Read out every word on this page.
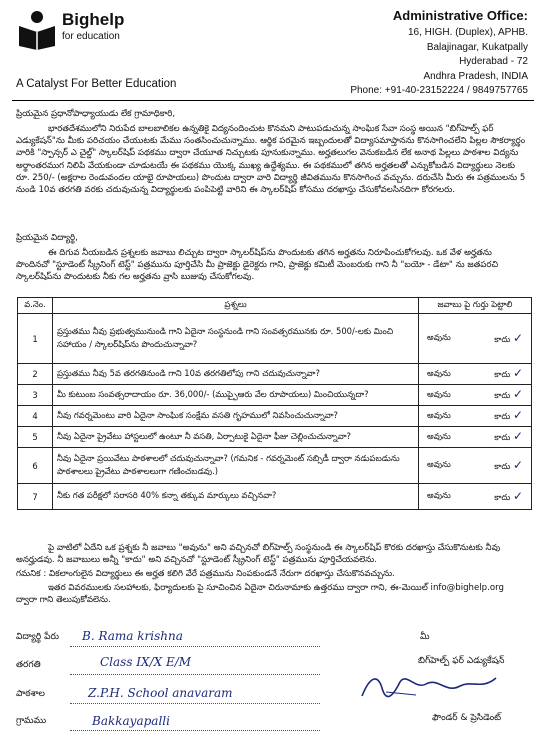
Bighelp
for education
A Catalyst For Better Education
Administrative Office:
16, HIGH. (Duplex), APHB.
Balajinagar, Kukatpally
Hyderabad - 72
Andhra Pradesh, INDIA
Phone: +91-40-23152224 / 9849757765
ప్రియమైన ప్రధానోపాధ్యాయుడు లేక గ్రామాధికారి,
భారతదేశములోని నిరుపేద బాలబాలికల ఉన్నతికై విద్యనందించుట కొనమని పాటుపడుచున్న సాంఘిక సేవా సంస్థ అయిన "బిగ్‌హెల్ప్ ఫర్ ఎడ్యుకేషన్"ను మీకు పరిచయం చేయుటకు మేము సంతసించుచున్నాము. ఆర్థిక పరమైన ఇబ్బందులతో విద్యాసమాప్తానను కొనసాగించలేని పిల్లల సౌకర్యార్థం వారికి "స్పాన్సర్ ఎ చైల్డ్" స్కాలర్‌షిప్ పథకము ద్వారా చేయూత నిచ్చుటకు పూనుకున్నాము. అర్హతలుగల వెనుకబడిన లేక అనాథ పిల్లలు పాఠశాల విద్యను అర్థాంతరముగ నిలిపి వేయకుండా చూడుటయే ఈ పథకము యొక్క ముఖ్య ఉద్దేశ్యము. ఈ పథకములో తగిన అర్హతలతో ఎన్నుకోబడిన విద్యార్థులు నెలకు రూ. 250/- (అక్షరాల రెండువందల యాభై రూపాయలు) పొందుట ద్వారా వారి విద్యార్థి జీవితమును కొనసాగించ వచ్చును. దరుచేసి మీరు ఈ పత్రములను 5 నుండి 10వ తరగతి వరకు చదువుచున్న విద్యార్థులకు పంపిపెట్టి వారిని ఈ స్కాలర్‌షిప్ కోసము దరఖాస్తు చేసుకోవలసినదిగా కోరగలరు.
ప్రియమైన విద్యార్థి,
ఈ దిగువ నీయబడిన ప్రశ్నలకు జవాబు లిచ్చుట ద్వారా స్కాలర్‌షిప్‌ను పొందుటకు తగిన అర్హతను నిరూపించుకోగలవు. ఒక వేళ అర్హతను పొందినచో "స్టూడెంట్ స్క్రీనింగ్ టెస్ట్" పత్రమును పూర్తిచేసి మీ ప్రాజెక్టు డైరెక్టరు గాని, ప్రాజెక్టు కమిటీ మెంబరుకు గాని నీ "బయో - డేటా" ను జతపరచి స్కాలర్‌షిప్‌ను పొందుటకు నీకు గల అర్హతను వ్రాసి బుజువు చేసుకోగలవు.
వ.నెం.	ప్రశ్నలు	జవాబు పై గుర్తు పెట్టాలి
1	ప్రస్తుతము నీవు ప్రభుత్వమునుండి గాని ఏదైనా సంస్థనుండి గాని సంవత్సరమునకు రూ. 500/-లకు మించి సహాయం / స్కాలర్‌షిప్‌ను పొందుచున్నావా?	అవును కాదు ✓

2	ప్రస్తుతము నీవు 5వ తరగతినుండి గాని 10వ తరగతిలోపు గాని చదువుచున్నావా?	అవును కాదు ✓

3	మీ కుటుంబ సంవత్సరాదాయం రూ. 36,000/- (ముప్పైఆరు వేల రూపాయలు) మించియున్నదా?	అవును కాదు ✓

4	నీవు గవర్నమెంటు వారి ఏదైనా సాంఘిక సంక్షేమ వసతి గృహములో నివసించుచున్నావా?	అవును కాదు ✓

5	నీవు ఏదైనా ప్రైవేటు హాస్టలులో ఉంటూ నీ వసతి, ఏర్పాటుకై ఏదైనా ఫీజు చెల్లించుచున్నావా?	అవును కాదు ✓

6	నీవు ఏదైనా ప్రయివేటు పాఠశాలలో చదువుచున్నావా? (గమనిక - గవర్నమెంట్ సబ్సిడీ ద్వారా నడుపబడును పాఠశాలలు ప్రైవేటు పాఠశాలలుగా గణించబడవు.)	అవును కాదు ✓

7	నీకు గత పరీక్షలో సరాసరి 40% కన్నా తక్కువ మార్కులు వచ్చినవా?	అవును కాదు ✓
పై వాటిలో ఏదేని ఒక ప్రశ్నకు నీ జవాబు "అవును" అని వచ్చినచో బిగ్‌హెల్ప్ సంస్థనుండి ఈ స్కాలర్‌షిప్ కొరకు దరఖాస్తు చేసుకొనుటకు నీవు అనర్హుడవు. నీ జవాబులు అన్నీ "కాదు" అని వచ్చినచో "స్టూడెంట్ స్క్రీనింగ్ టెస్ట్" పత్రమును పూర్తిచేయవలెను.
గమనిక : వికలాంగులైన విద్యార్థులు ఈ అర్హత కలిగి వేరే పత్రమును నింపకుండనే నేరుగా దరఖాస్తు చేసుకొనవచ్చును.
ఇతర వివరములకు సలహాలకు, ఫిర్యాదులకు పై సూచించిన ఏదైనా చిరునామాకు ఉత్తరము ద్వారా గాని, ఈ-మెయిల్ info@bighelp.org ద్వారా గాని తెలుపుకోవలెను.
విద్యార్థి పేరు B. Rama krishna
తరగతి	Class IX/X E/M
పాఠశాల	Z.P.H. School anavaram
గ్రామము	Bakkayapalli
మీ
బిగ్‌హెల్ప్ ఫర్ ఎడ్యుకేషన్
ఫౌండర్ & ప్రెసిడెంట్
